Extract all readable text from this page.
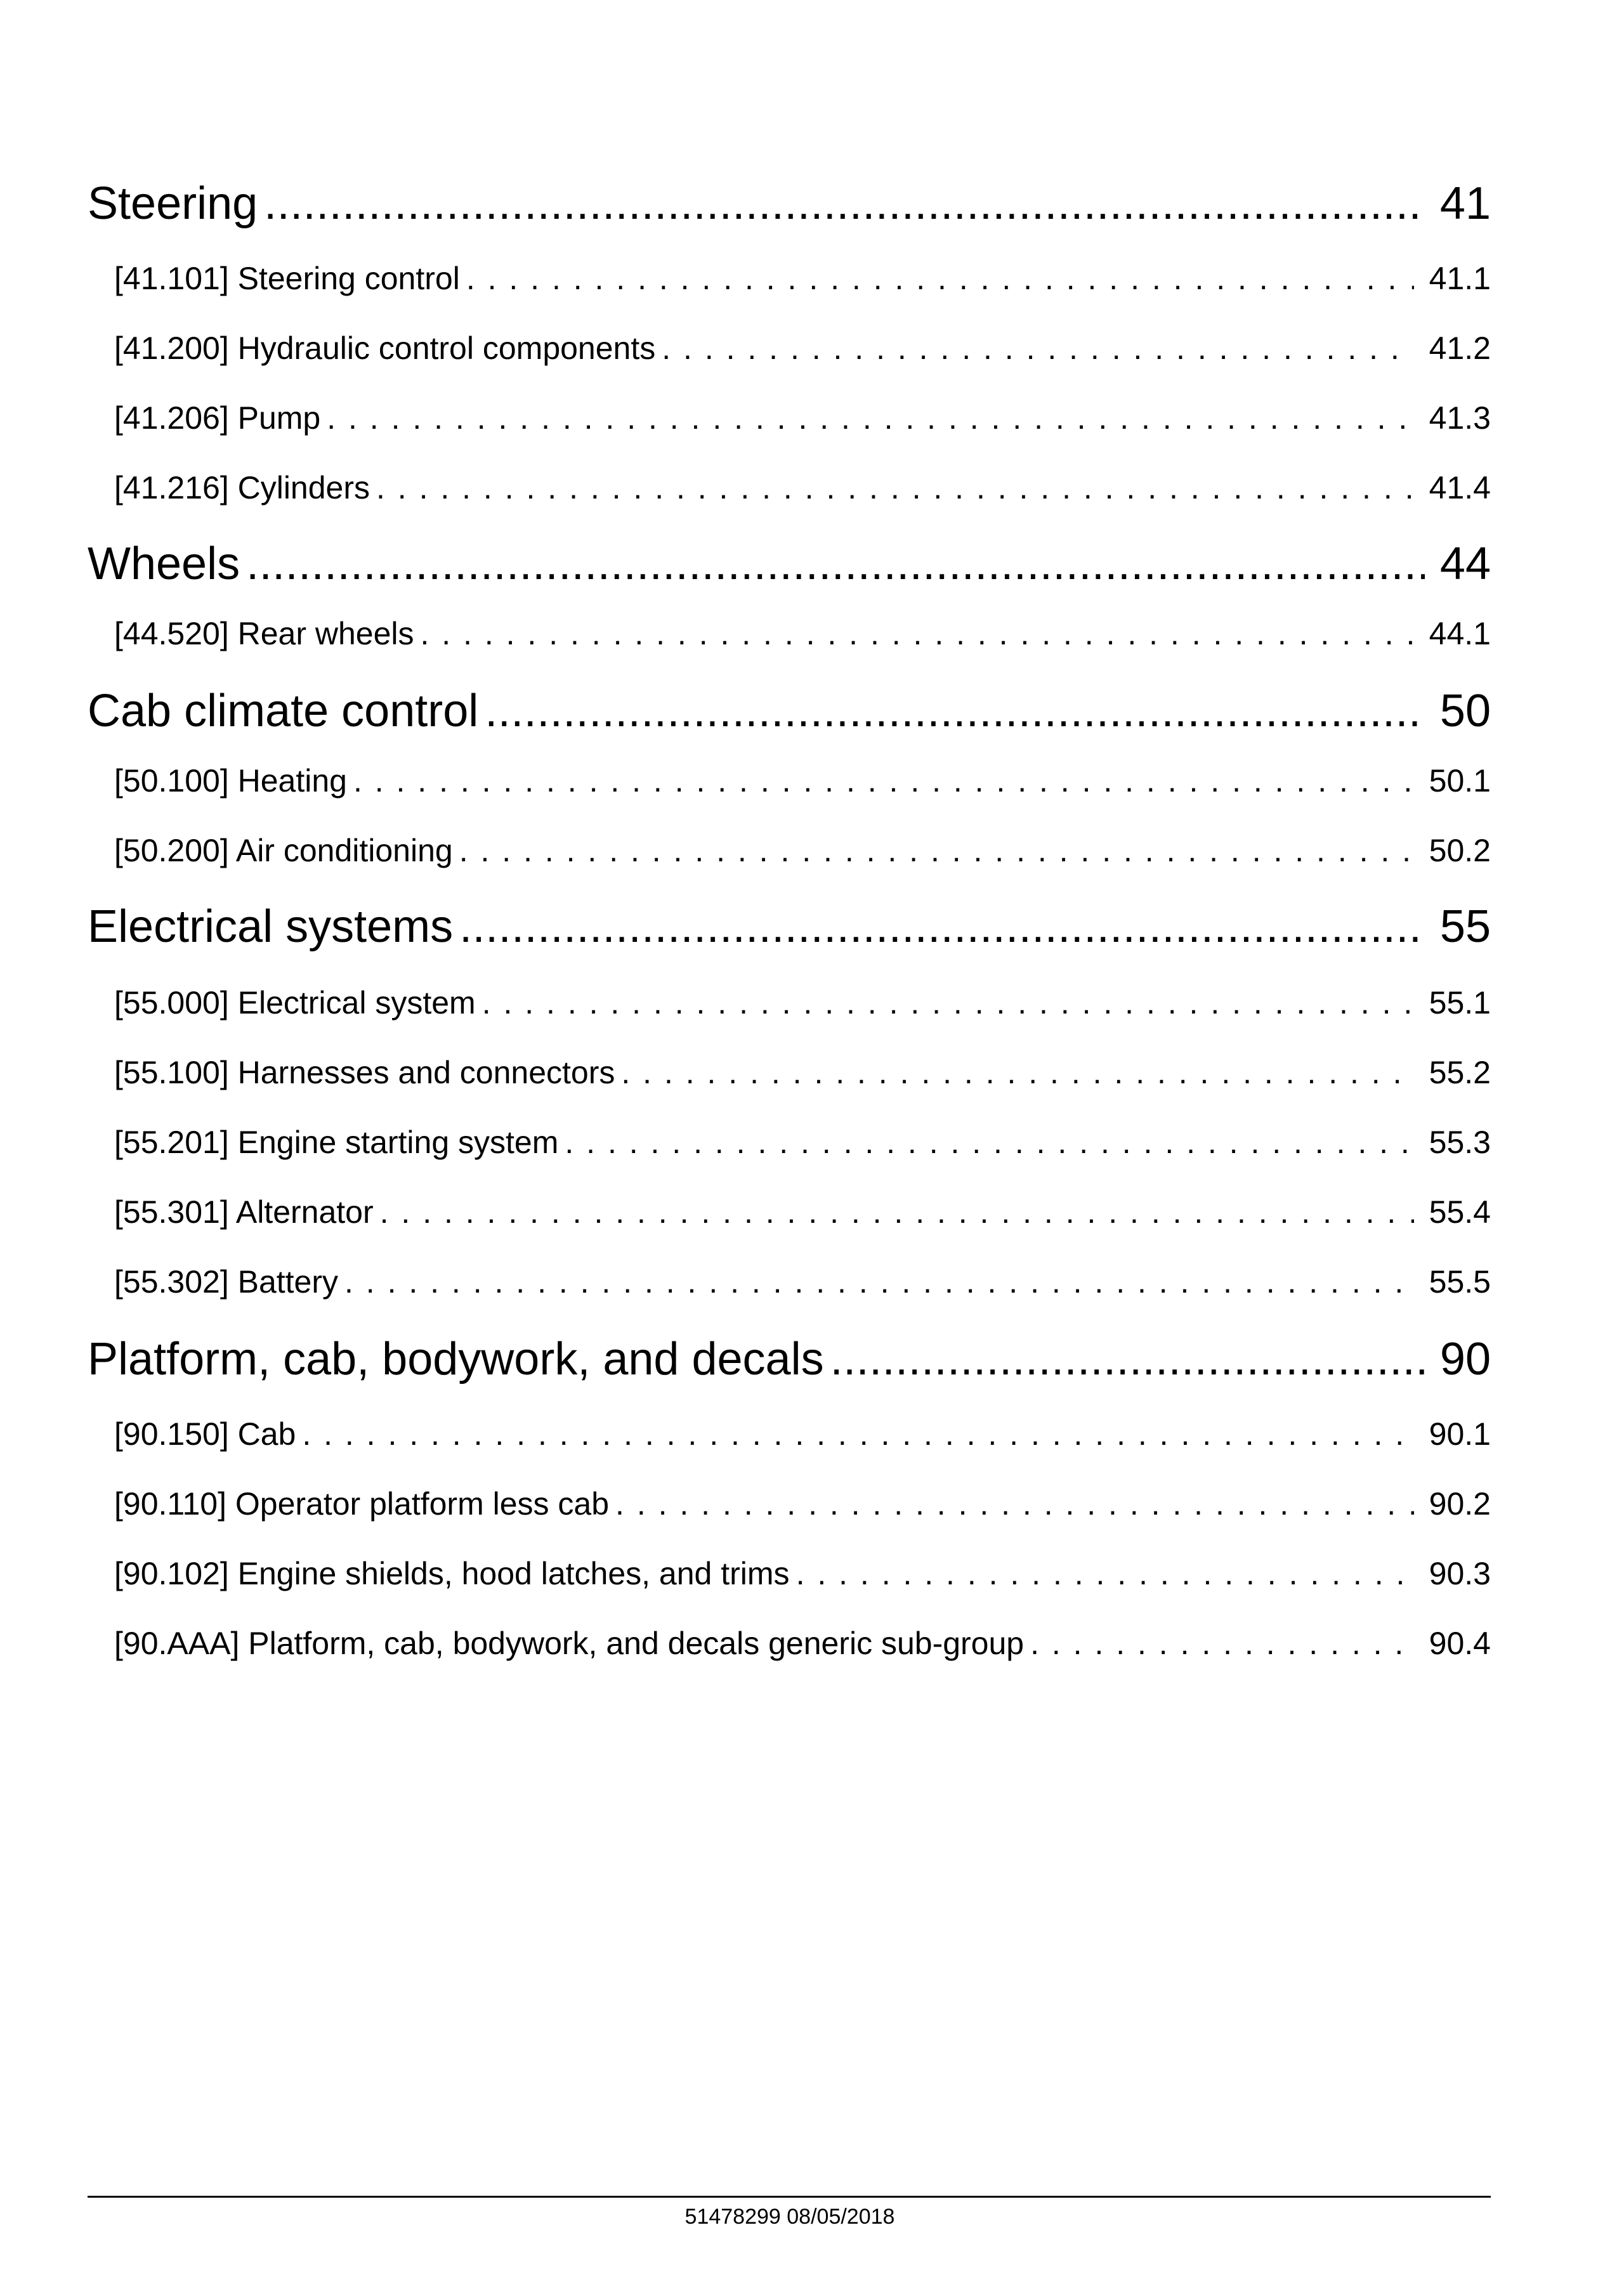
Steering .....	41
[41.101] Steering control . . .	41.1
[41.200] Hydraulic control components . . .	41.2
[41.206] Pump . . .	41.3
[41.216] Cylinders . . .	41.4
Wheels .....	44
[44.520] Rear wheels . . .	44.1
Cab climate control .....	50
[50.100] Heating . . .	50.1
[50.200] Air conditioning . . .	50.2
Electrical systems .....	55
[55.000] Electrical system . . .	55.1
[55.100] Harnesses and connectors . . .	55.2
[55.201] Engine starting system . . .	55.3
[55.301] Alternator . . .	55.4
[55.302] Battery . . .	55.5
Platform, cab, bodywork, and decals .....	90
[90.150] Cab . . .	90.1
[90.110] Operator platform less cab . . .	90.2
[90.102] Engine shields, hood latches, and trims . . .	90.3
[90.AAA] Platform, cab, bodywork, and decals generic sub-group . . .	90.4
51478299 08/05/2018
